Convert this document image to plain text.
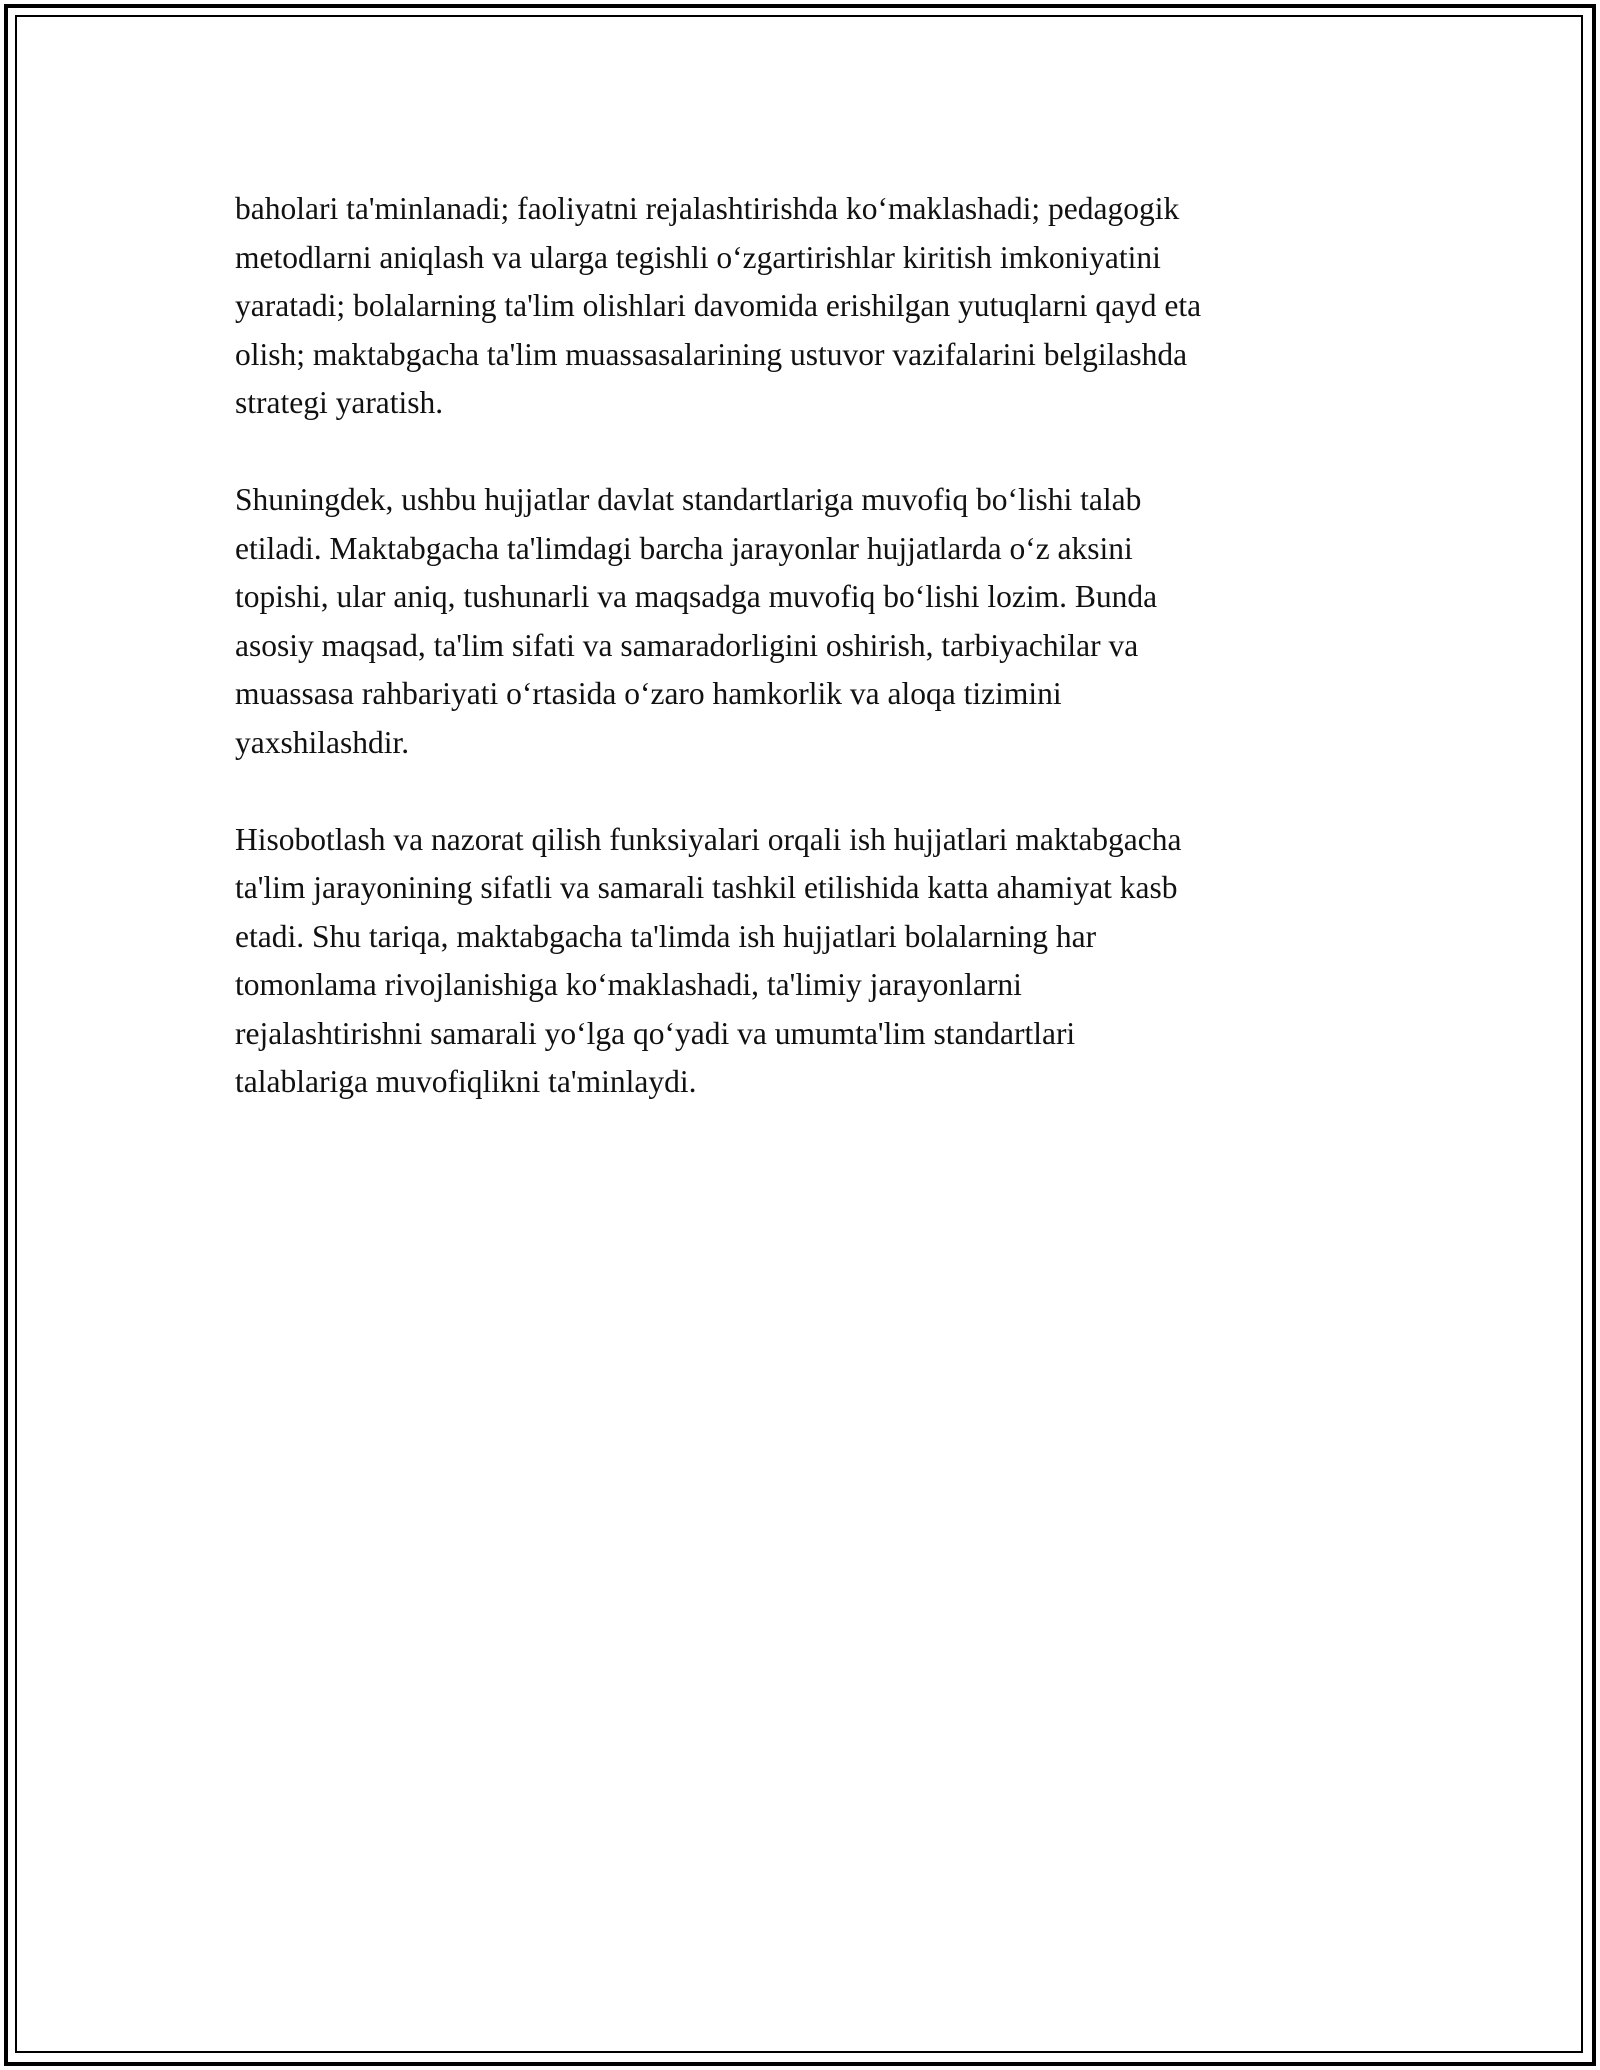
baholari ta'minlanadi; faoliyatni rejalashtirishda ko‘maklashadi; pedagogik
metodlarni aniqlash va ularga tegishli o‘zgartirishlar kiritish imkoniyatini
yaratadi; bolalarning ta'lim olishlari davomida erishilgan yutuqlarni qayd eta
olish; maktabgacha ta'lim muassasalarining ustuvor vazifalarini belgilashda
strategi yaratish.

Shuningdek, ushbu hujjatlar davlat standartlariga muvofiq bo‘lishi talab
etiladi. Maktabgacha ta'limdagi barcha jarayonlar hujjatlarda o‘z aksini
topishi, ular aniq, tushunarli va maqsadga muvofiq bo‘lishi lozim. Bunda
asosiy maqsad, ta'lim sifati va samaradorligini oshirish, tarbiyachilar va
muassasa rahbariyati o‘rtasida o‘zaro hamkorlik va aloqa tizimini
yaxshilashdir.

Hisobotlash va nazorat qilish funksiyalari orqali ish hujjatlari maktabgacha
ta'lim jarayonining sifatli va samarali tashkil etilishida katta ahamiyat kasb
etadi. Shu tariqa, maktabgacha ta'limda ish hujjatlari bolalarning har
tomonlama rivojlanishiga ko‘maklashadi, ta'limiy jarayonlarni
rejalashtirishni samarali yo‘lga qo‘yadi va umumta'lim standartlari
talablariga muvofiqlikni ta'minlaydi.
